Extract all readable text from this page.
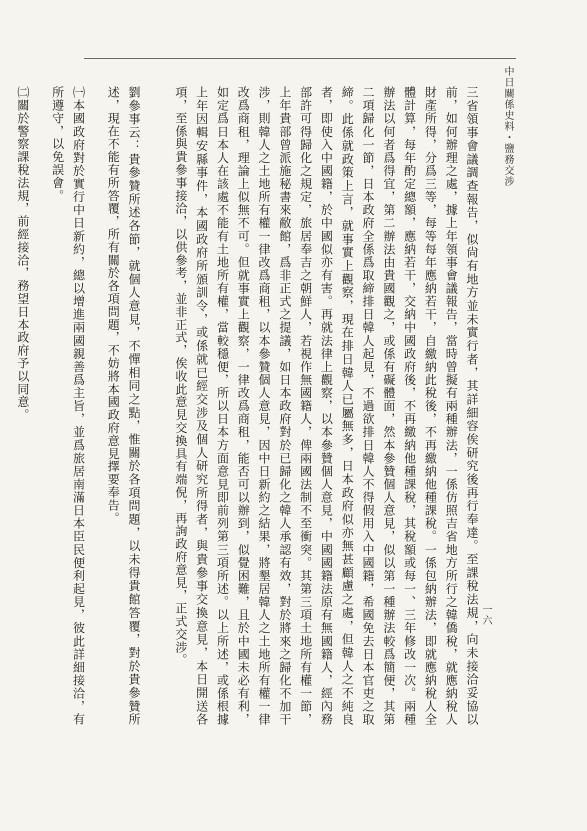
中日關係史料・鹽務交涉
一六

三省領事會議調查報告，似尙有地方並未實行者，其詳細容俟研究後再行奉達。至課稅法規，向未接洽妥協以前，如何辦理之處，據上年領事會議報告，當時曾擬有兩種辦法，一係仿照吉省地方所行之韓僑稅，就應納稅人財產所得，分爲三等，每等每年應納若干，自繳納此稅後，不再繳納他種課稅。一係包納辦法，即就應納稅人全體計算，每年酌定總額，應納若干，交納中國政府後，不再繳納他種課稅，其稅額或每一、三年修改一次。兩種辦法以何者爲得宜，第二辦法由貴國觀之，或係有礙體面，然本參贊個人意見，似以第一種辦法較爲簡便，其第二項歸化一節，日本政府全係爲取締排日韓人起見，不過欲排日韓人不得假用入中國籍，希國免去日本官吏之取締。此係就政策上言，就事實上觀察，現在排日韓人已屬無多，日本政府似亦無甚顧慮之處，但韓人之不純良者，即使入中國籍，於中國似亦有害。再就法律上觀察，以本參贊個人意見，中國國籍法原有無國籍人，經內務部許可得歸化之規定，旅居奉吉之朝鮮人，若視作無國籍人，俾兩國法制不至衝突。其第三項土地所有權一節，上年貴部曾派施秘書來敝館，爲非正式之提議，如日本政府對於已歸化之韓人承認有效，對於將來之歸化不加干涉，則韓人之土地所有權一律改爲商租，以本參贊個人意見，因中日新約之結果，將墾居韓人之土地所有權一律改爲商租，理論上似無不可。但就事實上觀察，一律改爲商租，能否可以辦到，似覺困難，且於中國未必有利，如定爲日本人在該處不能有土地所有權，當較穩便，所以日本方面意見即前列第三項所述。以上所述，或係根據上年因輯安縣事件，本國政府所頒訓令，或係就已經交涉及個人研究所得者，與貴參事交換意見，本日開送各項，至係與貴參事接洽，以供參考，並非正式，俟收此意見交換具有端倪，再詢政府意見，正式交涉。

劉參事云：貴參贊所述各節，就個人意見，不憚相同之點，惟關於各項問題，以未得貴館答覆，對於貴參贊所述，現在不能有所答覆，所有關於各項問題，不妨將本國政府意見擇要奉告。

㈠本國政府對於實行中日新約，總以增進兩國親善爲主旨，並爲旅居南滿日本臣民便利起見，彼此詳細接洽，有所遵守，以免誤會。

㈡關於警察課稅法規，前經接洽，務望日本政府予以同意。
